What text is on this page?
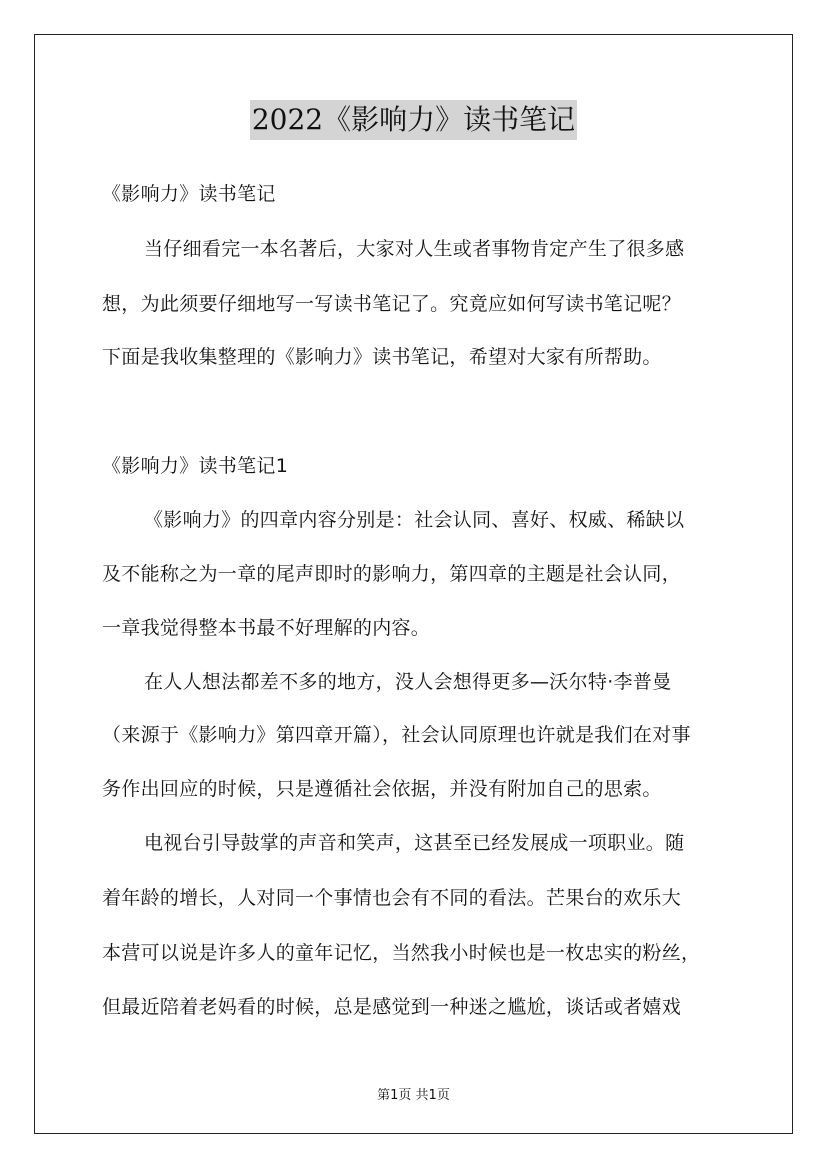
2022《影响力》读书笔记
《影响力》读书笔记
当仔细看完一本名著后，大家对人生或者事物肯定产生了很多感
想，为此须要仔细地写一写读书笔记了。究竟应如何写读书笔记呢？
下面是我收集整理的《影响力》读书笔记，希望对大家有所帮助。
《影响力》读书笔记1
《影响力》的四章内容分别是：社会认同、喜好、权威、稀缺以
及不能称之为一章的尾声即时的影响力，第四章的主题是社会认同，
一章我觉得整本书最不好理解的内容。
在人人想法都差不多的地方，没人会想得更多—沃尔特·李普曼
（来源于《影响力》第四章开篇），社会认同原理也许就是我们在对事
务作出回应的时候，只是遵循社会依据，并没有附加自己的思索。
电视台引导鼓掌的声音和笑声，这甚至已经发展成一项职业。随
着年龄的增长，人对同一个事情也会有不同的看法。芒果台的欢乐大
本营可以说是许多人的童年记忆，当然我小时候也是一枚忠实的粉丝，
但最近陪着老妈看的时候，总是感觉到一种迷之尴尬，谈话或者嬉戏
第1页 共1页
